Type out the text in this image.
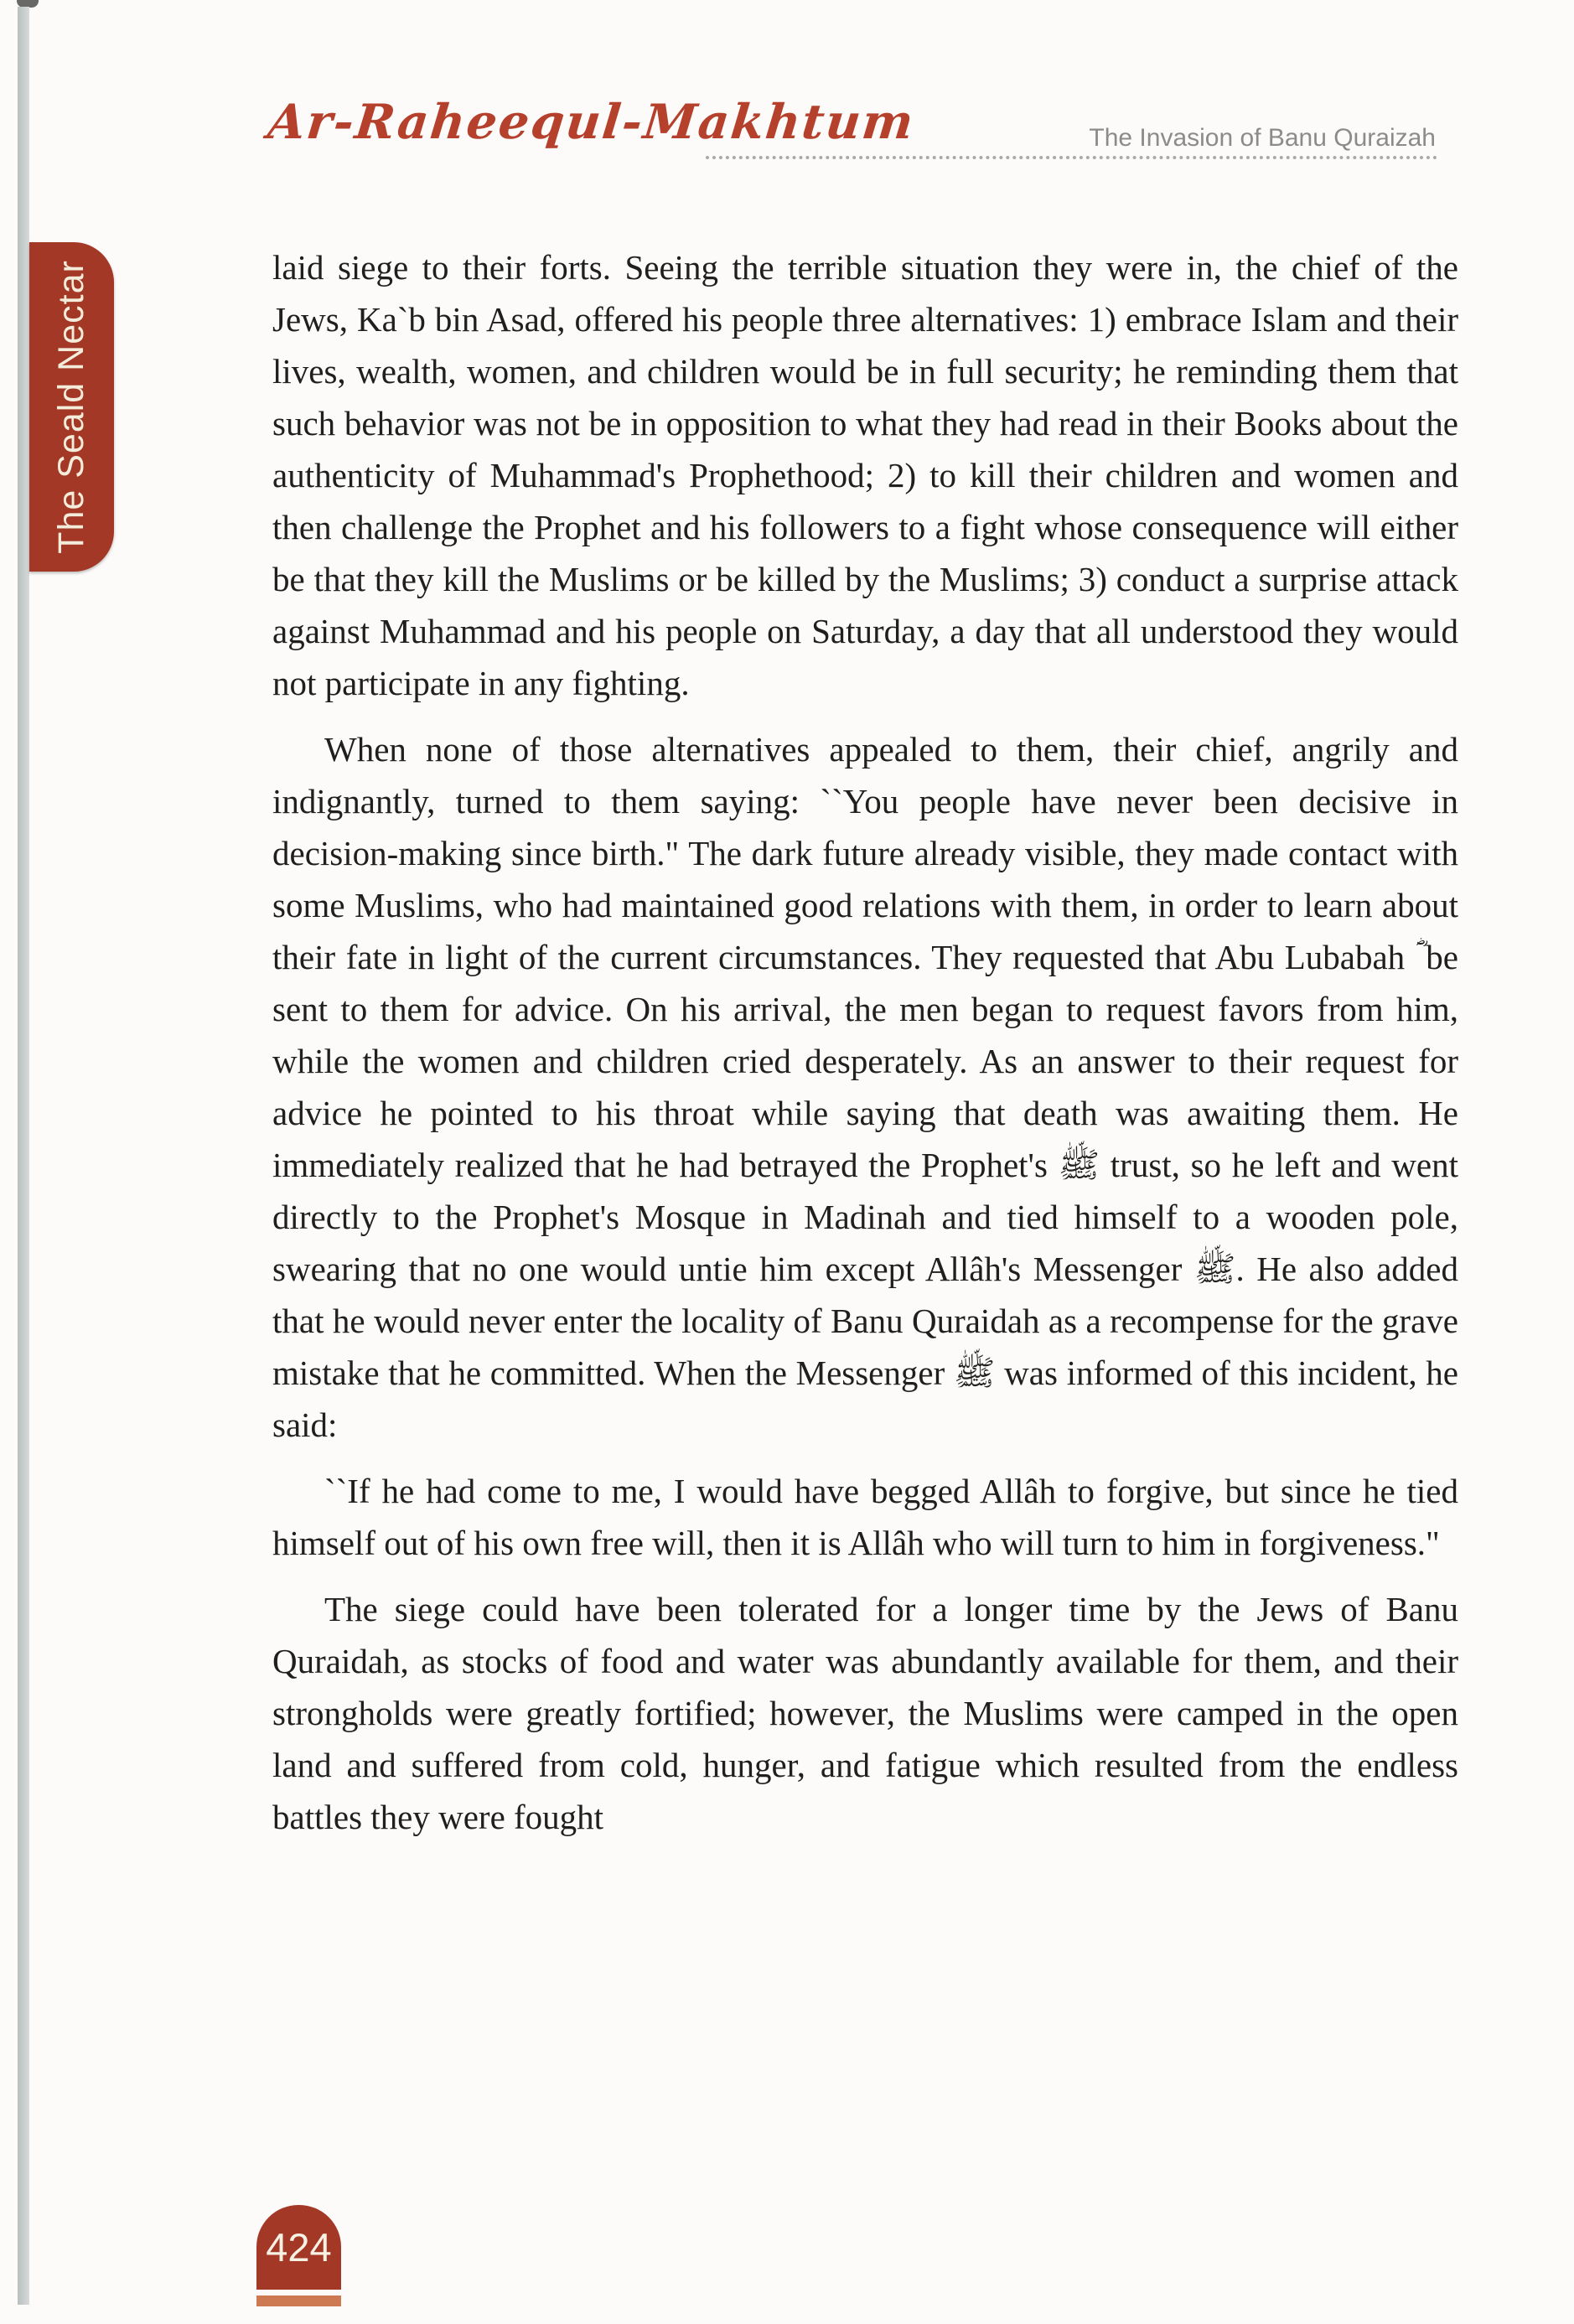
The Seald Nectar
Ar-Raheequl-Makhtum	The Invasion of Banu Quraizah

laid siege to their forts. Seeing the terrible situation they were in, the chief of the Jews, Ka`b bin Asad, offered his people three alternatives: 1) embrace Islam and their lives, wealth, women, and children would be in full security; he reminding them that such behavior was not be in opposition to what they had read in their Books about the authenticity of Muhammad's Prophethood; 2) to kill their children and women and then challenge the Prophet and his followers to a fight whose consequence will either be that they kill the Muslims or be killed by the Muslims; 3) conduct a surprise attack against Muhammad and his people on Saturday, a day that all understood they would not participate in any fighting.

When none of those alternatives appealed to them, their chief, angrily and indignantly, turned to them saying: ``You people have never been decisive in decision-making since birth." The dark future already visible, they made contact with some Muslims, who had maintained good relations with them, in order to learn about their fate in light of the current circumstances. They requested that Abu Lubabah ؓ be sent to them for advice. On his arrival, the men began to request favors from him, while the women and children cried desperately. As an answer to their request for advice he pointed to his throat while saying that death was awaiting them. He immediately realized that he had betrayed the Prophet's ﷺ trust, so he left and went directly to the Prophet's Mosque in Madinah and tied himself to a wooden pole, swearing that no one would untie him except Allâh's Messenger ﷺ. He also added that he would never enter the locality of Banu Quraidah as a recompense for the grave mistake that he committed. When the Messenger ﷺ was informed of this incident, he said:

``If he had come to me, I would have begged Allâh to forgive, but since he tied himself out of his own free will, then it is Allâh who will turn to him in forgiveness."

The siege could have been tolerated for a longer time by the Jews of Banu Quraidah, as stocks of food and water was abundantly available for them, and their strongholds were greatly fortified; however, the Muslims were camped in the open land and suffered from cold, hunger, and fatigue which resulted from the endless battles they were fought

424
